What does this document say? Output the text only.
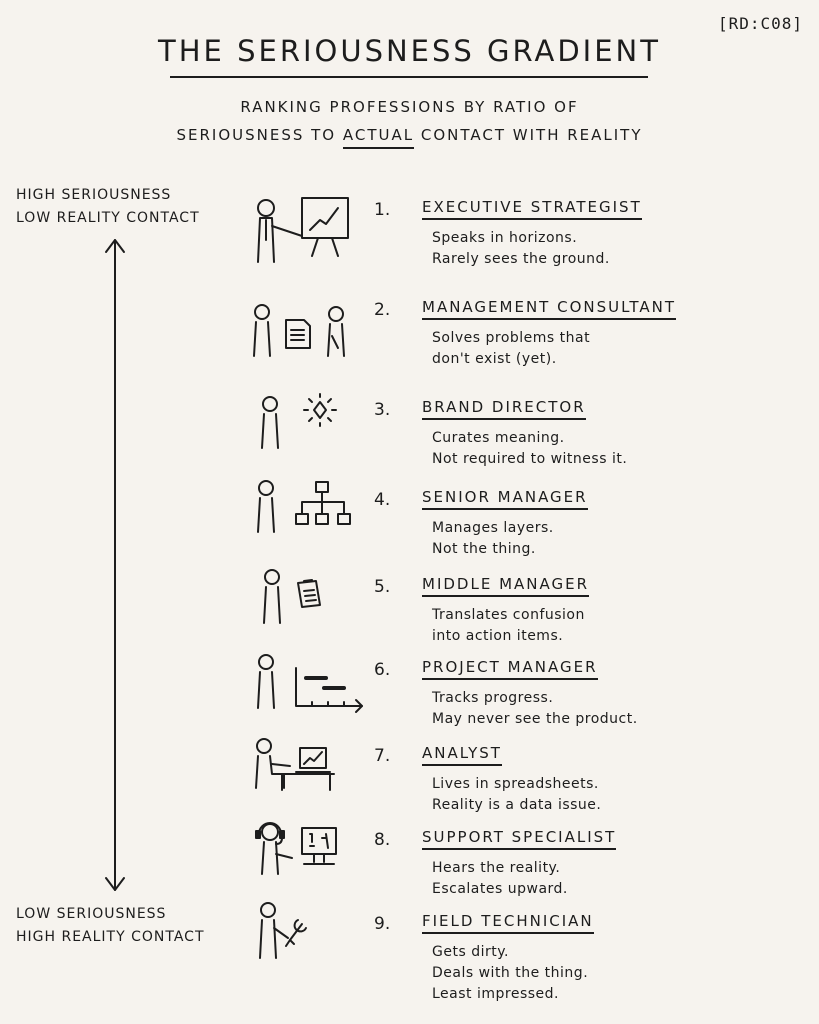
[RD:C08]
THE SERIOUSNESS GRADIENT
RANKING PROFESSIONS BY RATIO OF
SERIOUSNESS TO ACTUAL CONTACT WITH REALITY
HIGH SERIOUSNESS
LOW REALITY CONTACT
LOW SERIOUSNESS
HIGH REALITY CONTACT
1. EXECUTIVE STRATEGIST
Speaks in horizons.
Rarely sees the ground.
2. MANAGEMENT CONSULTANT
Solves problems that
don't exist (yet).
3. BRAND DIRECTOR
Curates meaning.
Not required to witness it.
4. SENIOR MANAGER
Manages layers.
Not the thing.
5. MIDDLE MANAGER
Translates confusion
into action items.
6. PROJECT MANAGER
Tracks progress.
May never see the product.
7. ANALYST
Lives in spreadsheets.
Reality is a data issue.
8. SUPPORT SPECIALIST
Hears the reality.
Escalates upward.
9. FIELD TECHNICIAN
Gets dirty.
Deals with the thing.
Least impressed.
